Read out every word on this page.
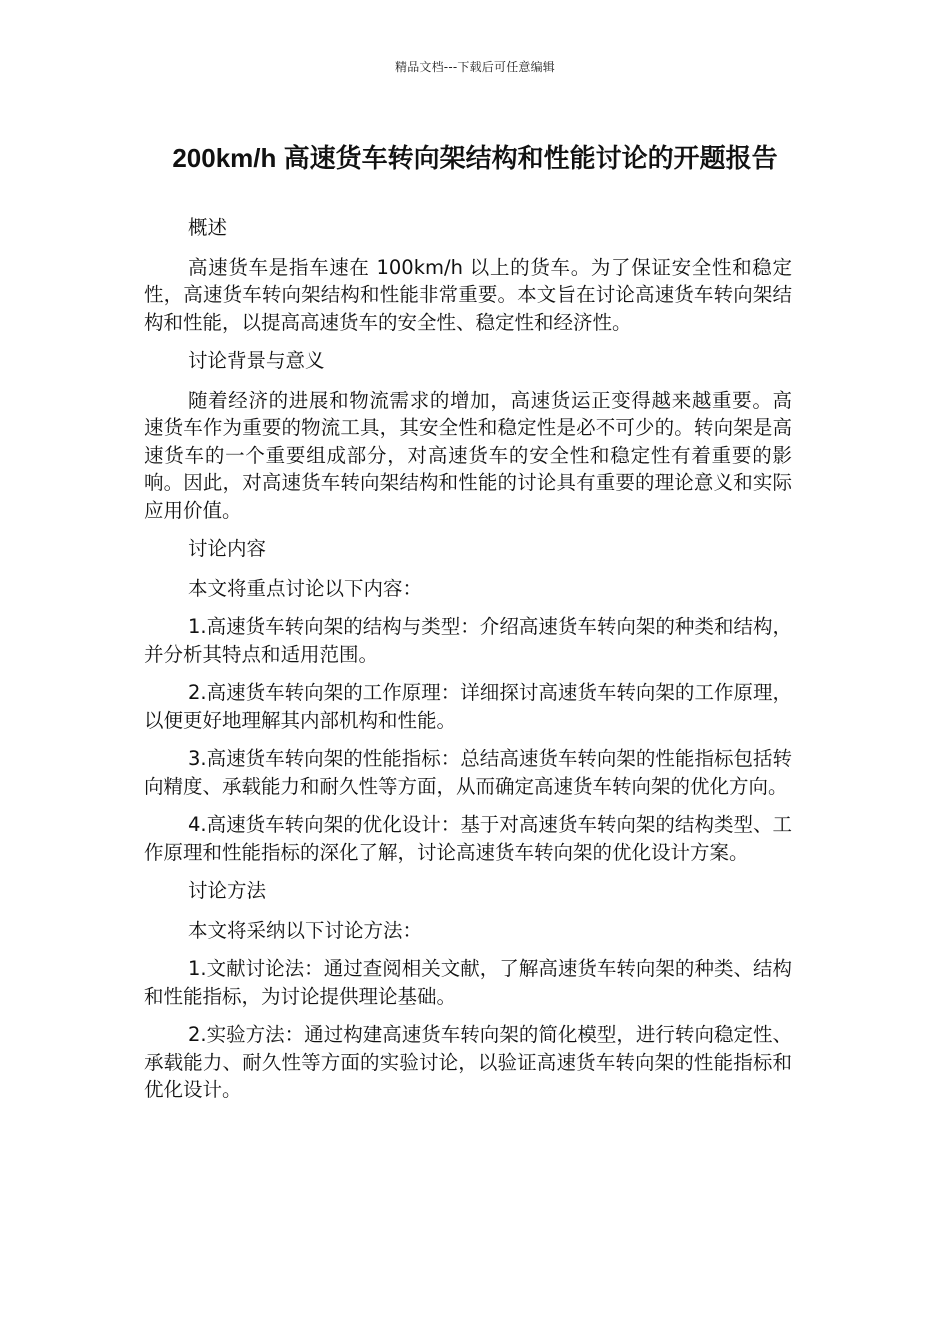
精品文档---下载后可任意编辑
200km/h 高速货车转向架结构和性能讨论的开题报告

概述

高速货车是指车速在 100km/h 以上的货车。为了保证安全性和稳定性，高速货车转向架结构和性能非常重要。本文旨在讨论高速货车转向架结构和性能，以提高高速货车的安全性、稳定性和经济性。

讨论背景与意义

随着经济的进展和物流需求的增加，高速货运正变得越来越重要。高速货车作为重要的物流工具，其安全性和稳定性是必不可少的。转向架是高速货车的一个重要组成部分，对高速货车的安全性和稳定性有着重要的影响。因此，对高速货车转向架结构和性能的讨论具有重要的理论意义和实际应用价值。

讨论内容

本文将重点讨论以下内容：

1.高速货车转向架的结构与类型：介绍高速货车转向架的种类和结构，并分析其特点和适用范围。

2.高速货车转向架的工作原理：详细探讨高速货车转向架的工作原理，以便更好地理解其内部机构和性能。

3.高速货车转向架的性能指标：总结高速货车转向架的性能指标包括转向精度、承载能力和耐久性等方面，从而确定高速货车转向架的优化方向。

4.高速货车转向架的优化设计：基于对高速货车转向架的结构类型、工作原理和性能指标的深化了解，讨论高速货车转向架的优化设计方案。

讨论方法

本文将采纳以下讨论方法：

1.文献讨论法：通过查阅相关文献，了解高速货车转向架的种类、结构和性能指标，为讨论提供理论基础。

2.实验方法：通过构建高速货车转向架的简化模型，进行转向稳定性、承载能力、耐久性等方面的实验讨论，以验证高速货车转向架的性能指标和优化设计。
